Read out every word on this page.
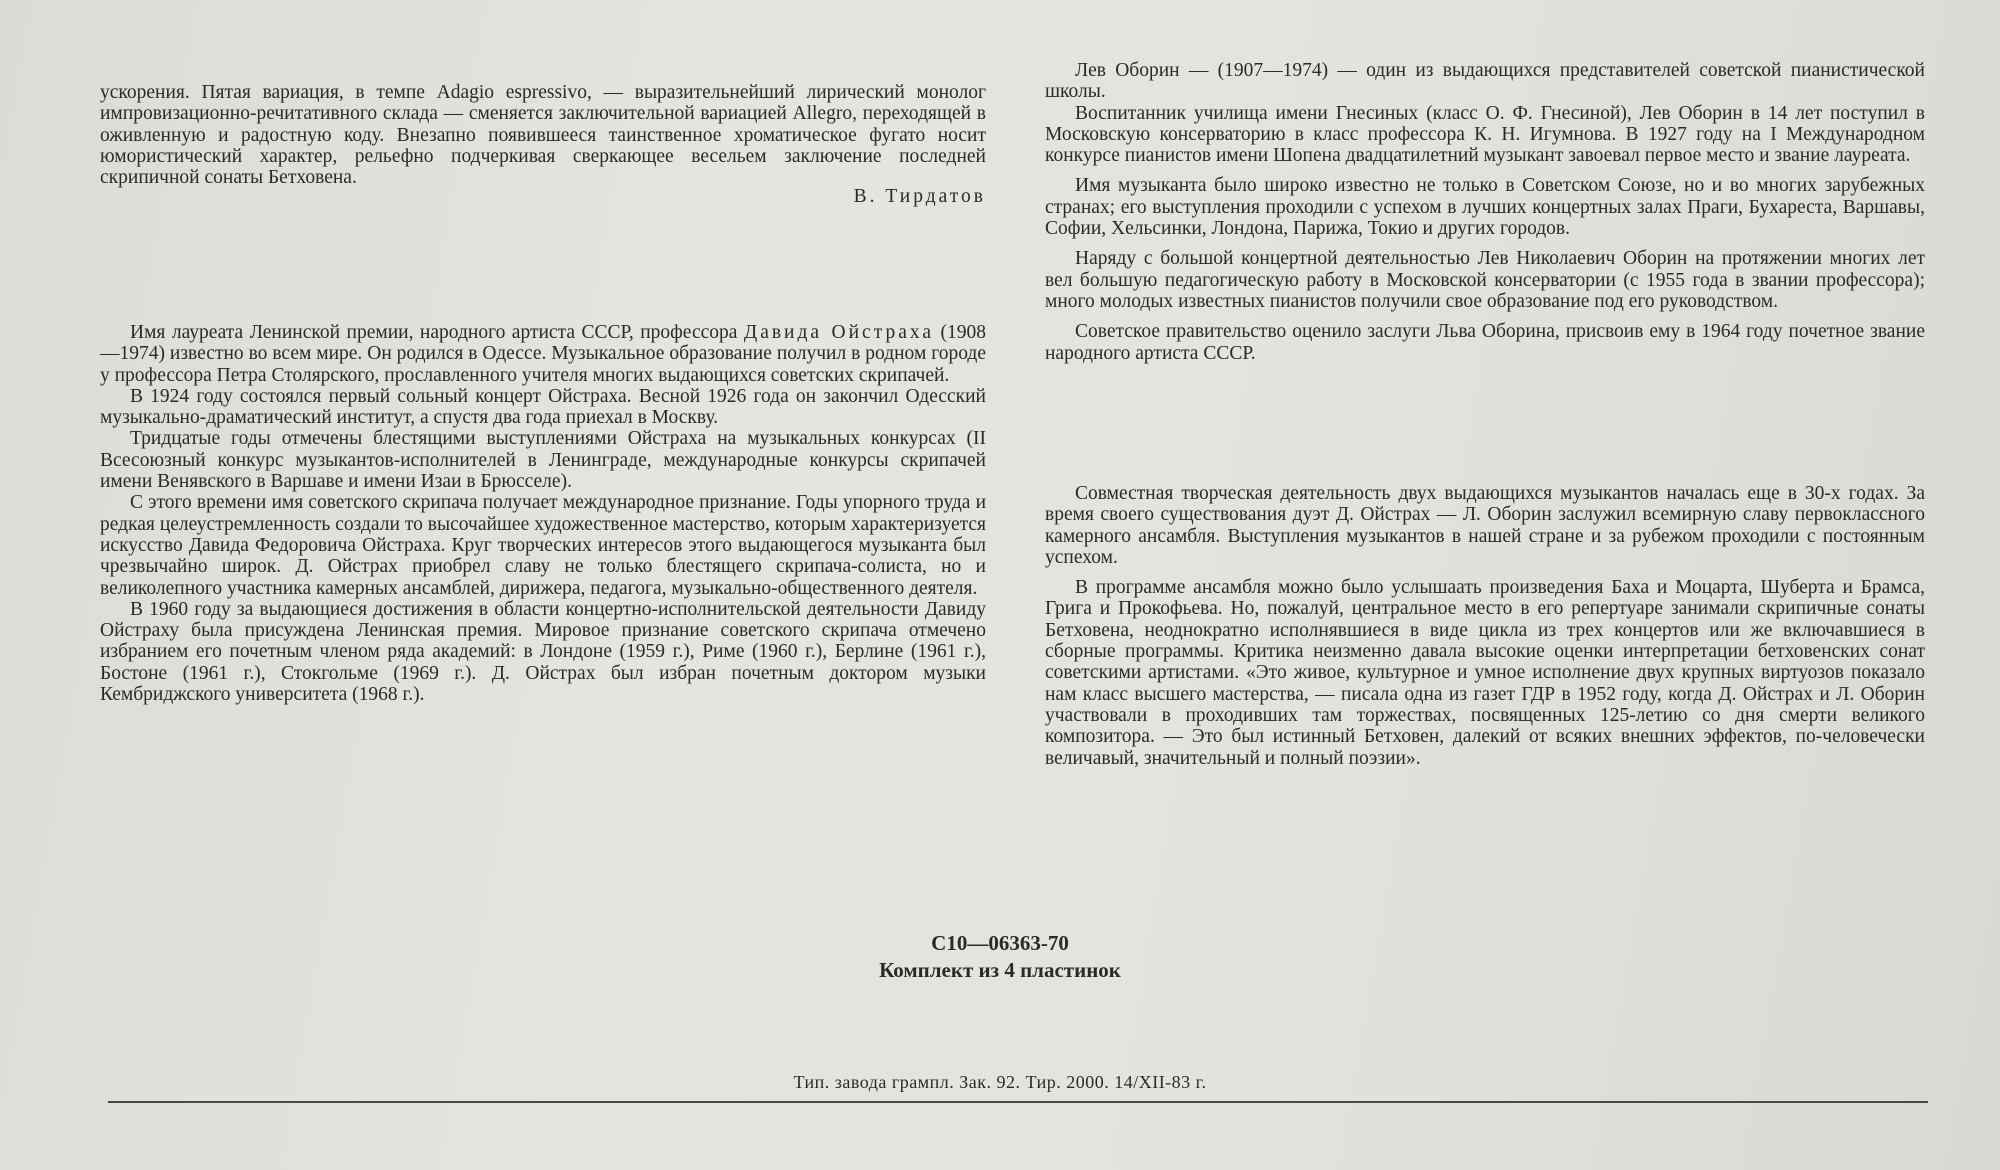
ускорения. Пятая вариация, в темпе Adagio espressivo, — выразительнейший лирический монолог импровизационно-речитативного склада — сменяется заключительной вариацией Allegro, переходящей в оживленную и радостную коду. Внезапно появившееся таинственное хроматическое фугато носит юмористический характер, рельефно подчеркивая сверкающее весельем заключение последней скрипичной сонаты Бетховена.

В. Тирдатов

Имя лауреата Ленинской премии, народного артиста СССР, профессора Давида Ойстраха (1908—1974) известно во всем мире. Он родился в Одессе. Музыкальное образование получил в родном городе у профессора Петра Столярского, прославленного учителя многих выдающихся советских скрипачей.

В 1924 году состоялся первый сольный концерт Ойстраха. Весной 1926 года он закончил Одесский музыкально-драматический институт, а спустя два года приехал в Москву.

Тридцатые годы отмечены блестящими выступлениями Ойстраха на музыкальных конкурсах (II Всесоюзный конкурс музыкантов-исполнителей в Ленинграде, международные конкурсы скрипачей имени Венявского в Варшаве и имени Изаи в Брюсселе).

С этого времени имя советского скрипача получает международное признание. Годы упорного труда и редкая целеустремленность создали то высочайшее художественное мастерство, которым характеризуется искусство Давида Федоровича Ойстраха. Круг творческих интересов этого выдающегося музыканта был чрезвычайно широк. Д. Ойстрах приобрел славу не только блестящего скрипача-солиста, но и великолепного участника камерных ансамблей, дирижера, педагога, музыкально-общественного деятеля.

В 1960 году за выдающиеся достижения в области концертно-исполнительской деятельности Давиду Ойстраху была присуждена Ленинская премия. Мировое признание советского скрипача отмечено избранием его почетным членом ряда академий: в Лондоне (1959 г.), Риме (1960 г.), Берлине (1961 г.), Бостоне (1961 г.), Стокгольме (1969 г.). Д. Ойстрах был избран почетным доктором музыки Кембриджского университета (1968 г.).

Лев Оборин — (1907—1974) — один из выдающихся представителей советской пианистической школы.

Воспитанник училища имени Гнесиных (класс О. Ф. Гнесиной), Лев Оборин в 14 лет поступил в Московскую консерваторию в класс профессора К. Н. Игумнова. В 1927 году на I Международном конкурсе пианистов имени Шопена двадцатилетний музыкант завоевал первое место и звание лауреата.

Имя музыканта было широко известно не только в Советском Союзе, но и во многих зарубежных странах; его выступления проходили с успехом в лучших концертных залах Праги, Бухареста, Варшавы, Софии, Хельсинки, Лондона, Парижа, Токио и других городов.

Наряду с большой концертной деятельностью Лев Николаевич Оборин на протяжении многих лет вел большую педагогическую работу в Московской консерватории (с 1955 года в звании профессора); много молодых известных пианистов получили свое образование под его руководством.

Советское правительство оценило заслуги Льва Оборина, присвоив ему в 1964 году почетное звание народного артиста СССР.

Совместная творческая деятельность двух выдающихся музыкантов началась еще в 30-х годах. За время своего существования дуэт Д. Ойстрах — Л. Оборин заслужил всемирную славу первоклассного камерного ансамбля. Выступления музыкантов в нашей стране и за рубежом проходили с постоянным успехом.

В программе ансамбля можно было услышаать произведения Баха и Моцарта, Шуберта и Брамса, Грига и Прокофьева. Но, пожалуй, центральное место в его репертуаре занимали скрипичные сонаты Бетховена, неоднократно исполнявшиеся в виде цикла из трех концертов или же включавшиеся в сборные программы. Критика неизменно давала высокие оценки интерпретации бетховенских сонат советскими артистами. «Это живое, культурное и умное исполнение двух крупных виртуозов показало нам класс высшего мастерства, — писала одна из газет ГДР в 1952 году, когда Д. Ойстрах и Л. Оборин участвовали в проходивших там торжествах, посвященных 125-летию со дня смерти великого композитора. — Это был истинный Бетховен, далекий от всяких внешних эффектов, по-человечески величавый, значительный и полный поэзии».

С10—06363-70
Комплект из 4 пластинок
Тип. завода грампл. Зак. 92. Тир. 2000. 14/XII-83 г.
